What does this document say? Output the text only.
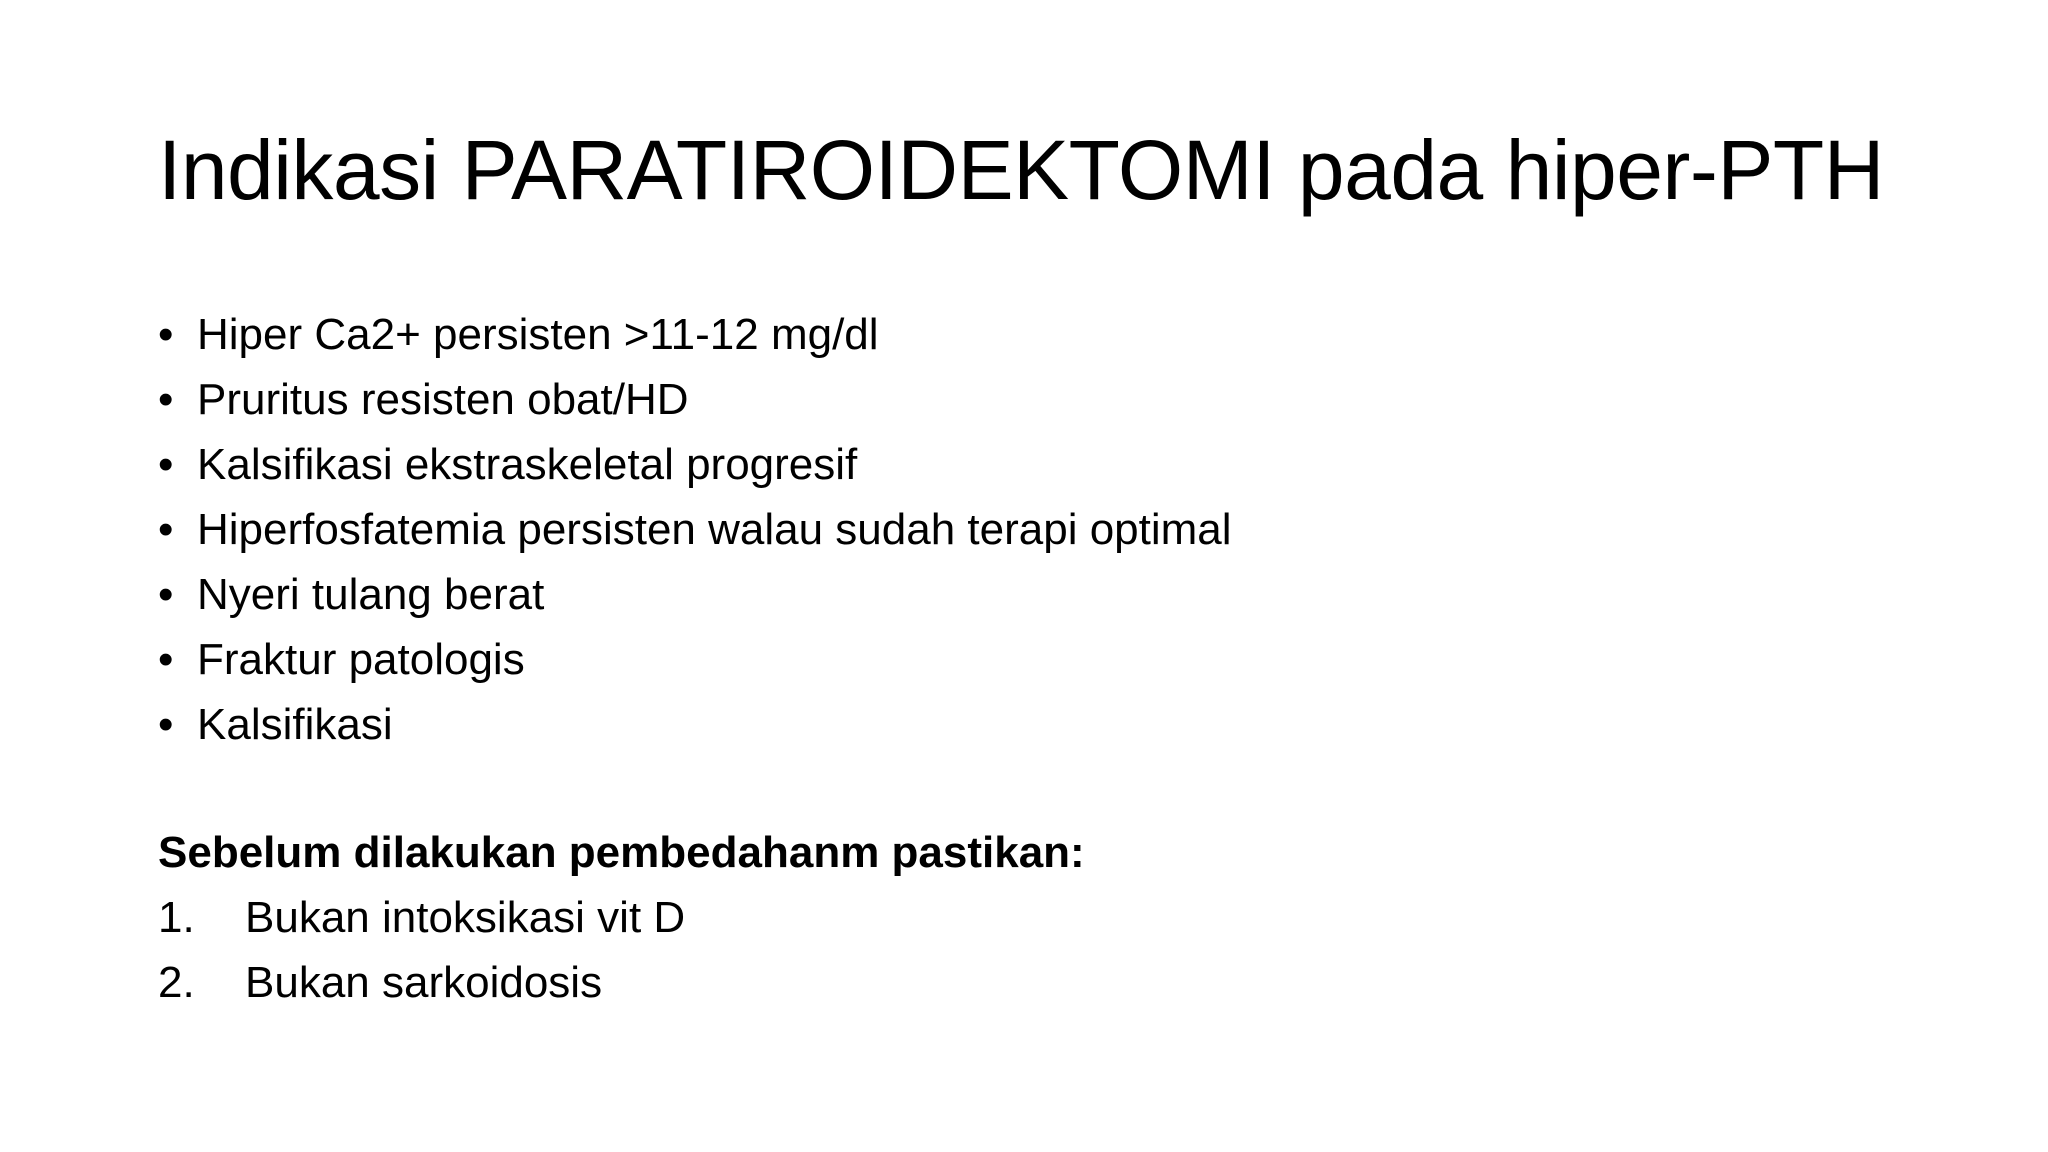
Indikasi PARATIROIDEKTOMI pada hiper-PTH
• Hiper Ca2+ persisten >11-12 mg/dl
• Pruritus resisten obat/HD
• Kalsifikasi ekstraskeletal progresif
• Hiperfosfatemia persisten walau sudah terapi optimal
• Nyeri tulang berat
• Fraktur patologis
• Kalsifikasi

Sebelum dilakukan pembedahanm pastikan:

1. Bukan intoksikasi vit D
2. Bukan sarkoidosis
